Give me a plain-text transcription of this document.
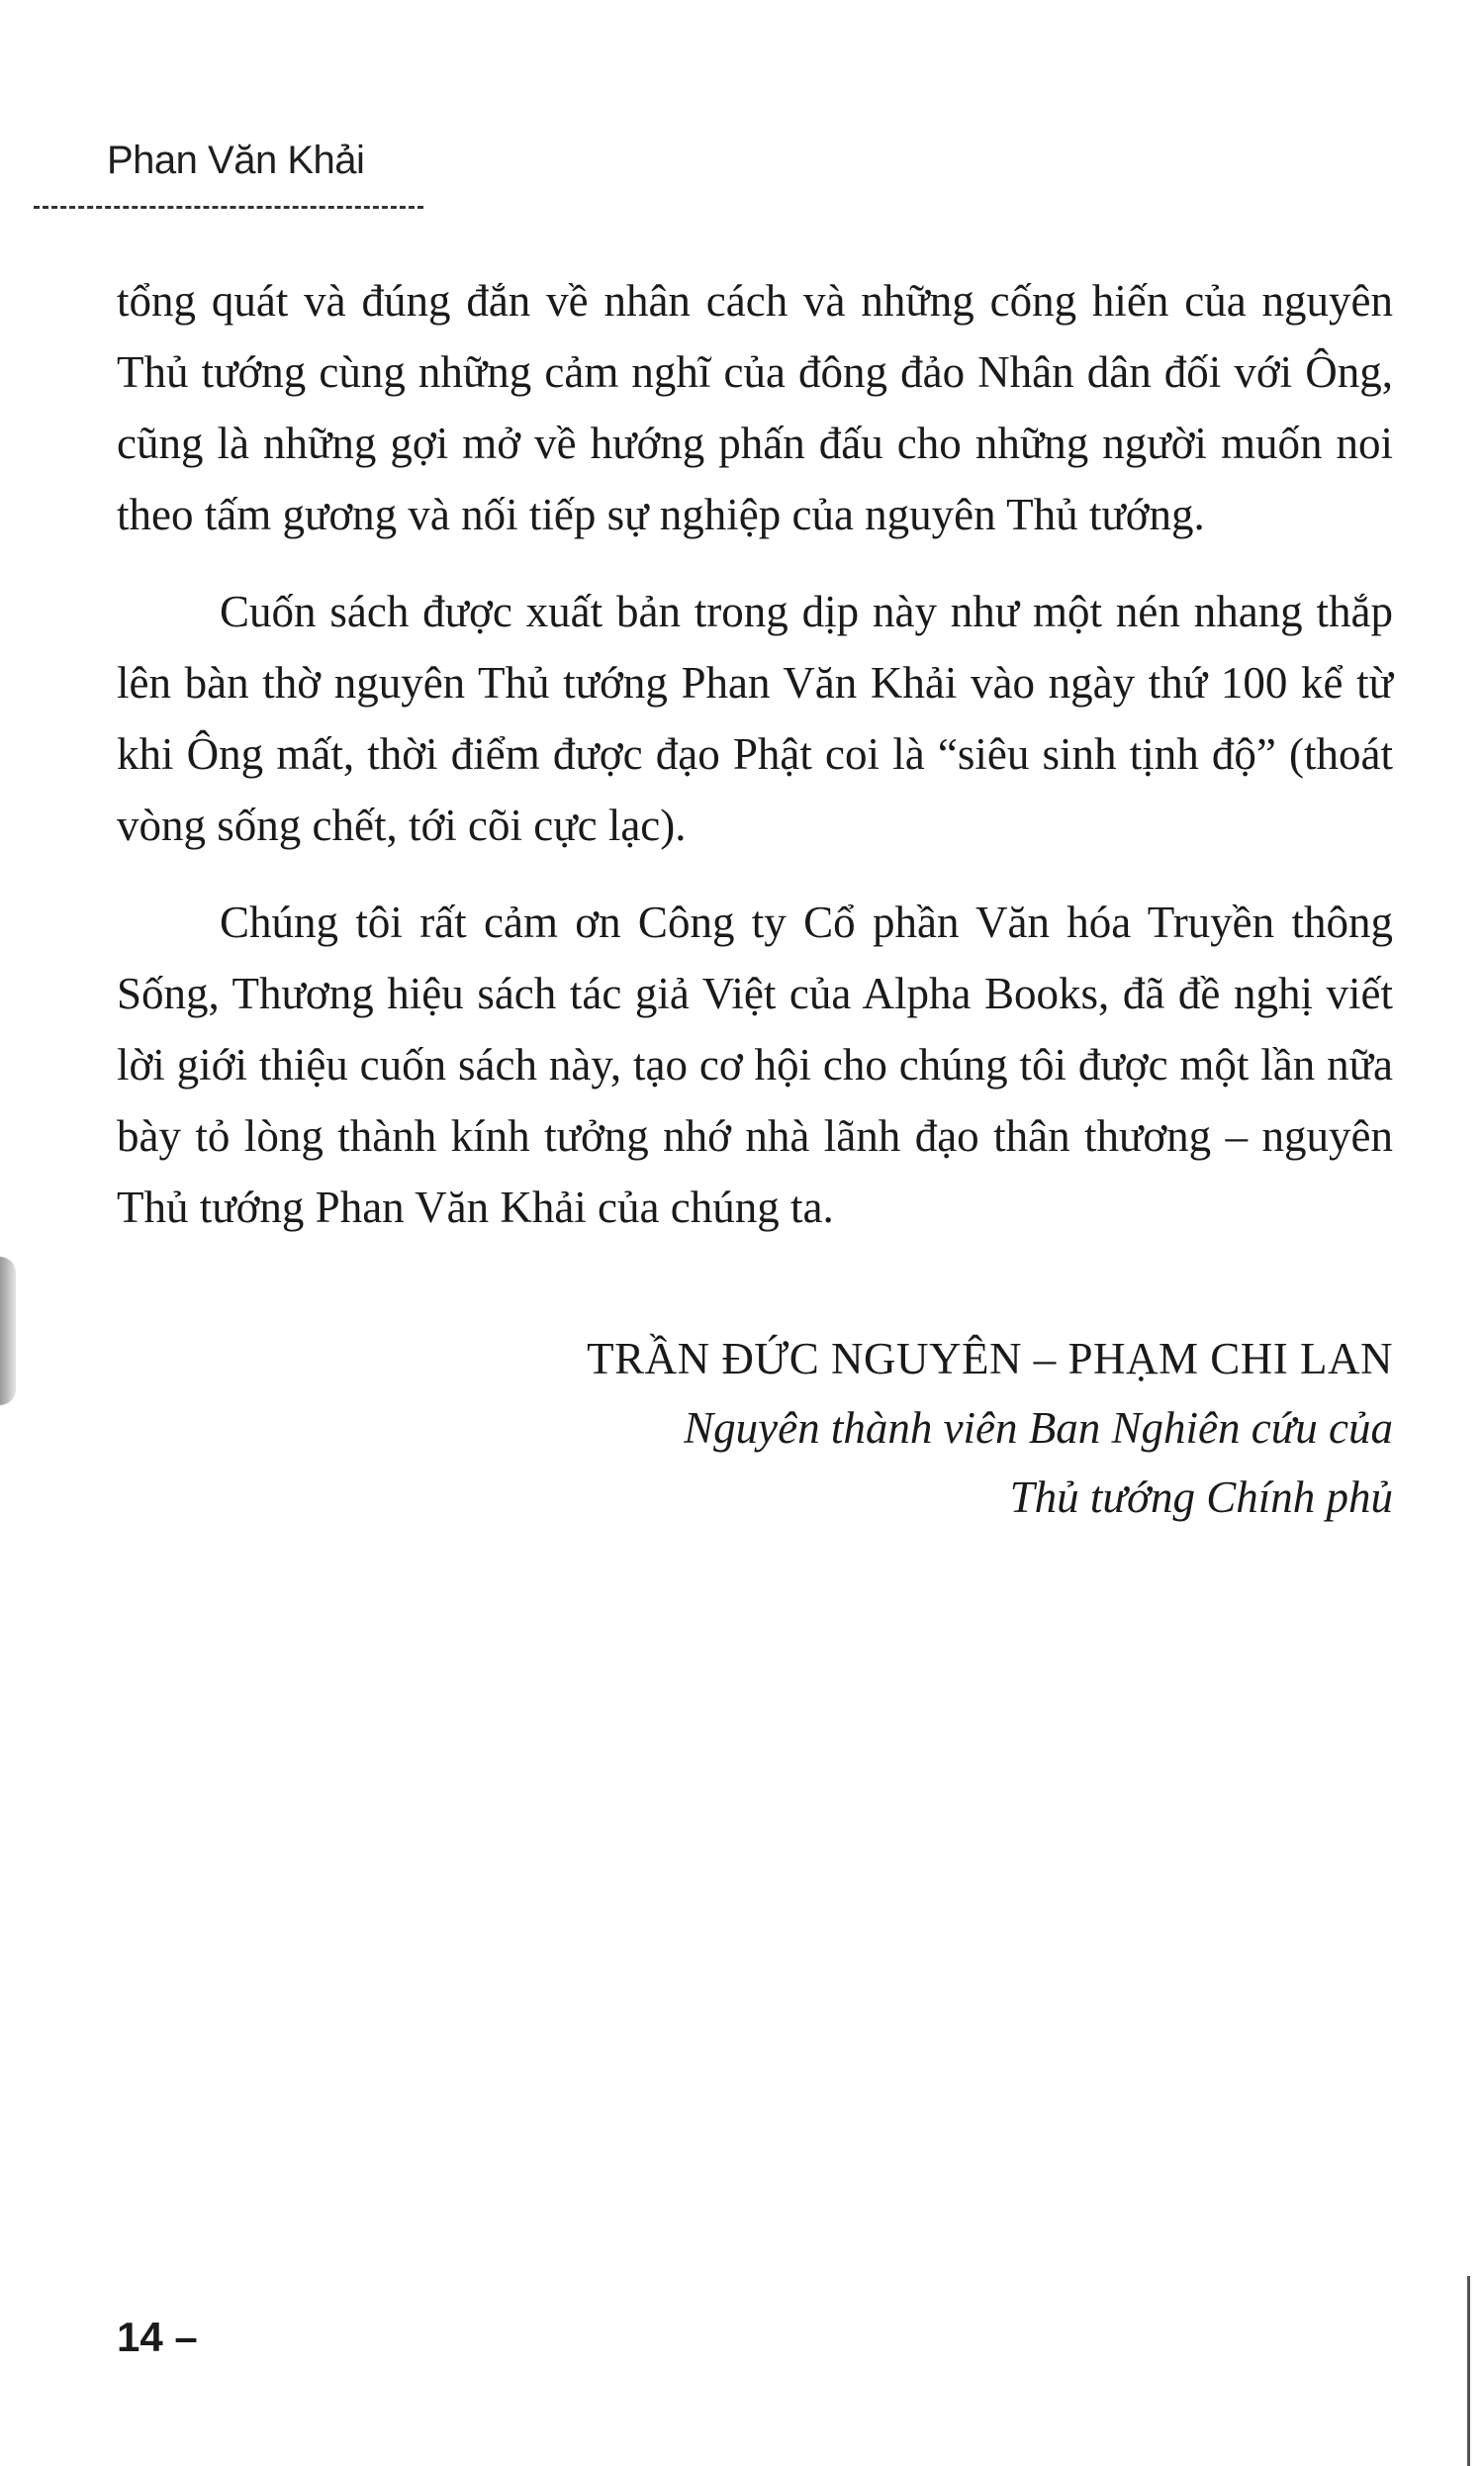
Phan Văn Khải

tổng quát và đúng đắn về nhân cách và những cống hiến của nguyên Thủ tướng cùng những cảm nghĩ của đông đảo Nhân dân đối với Ông, cũng là những gợi mở về hướng phấn đấu cho những người muốn noi theo tấm gương và nối tiếp sự nghiệp của nguyên Thủ tướng.

Cuốn sách được xuất bản trong dịp này như một nén nhang thắp lên bàn thờ nguyên Thủ tướng Phan Văn Khải vào ngày thứ 100 kể từ khi Ông mất, thời điểm được đạo Phật coi là “siêu sinh tịnh độ” (thoát vòng sống chết, tới cõi cực lạc).

Chúng tôi rất cảm ơn Công ty Cổ phần Văn hóa Truyền thông Sống, Thương hiệu sách tác giả Việt của Alpha Books, đã đề nghị viết lời giới thiệu cuốn sách này, tạo cơ hội cho chúng tôi được một lần nữa bày tỏ lòng thành kính tưởng nhớ nhà lãnh đạo thân thương – nguyên Thủ tướng Phan Văn Khải của chúng ta.

TRẦN ĐỨC NGUYÊN – PHẠM CHI LAN
Nguyên thành viên Ban Nghiên cứu của
Thủ tướng Chính phủ
14 –
